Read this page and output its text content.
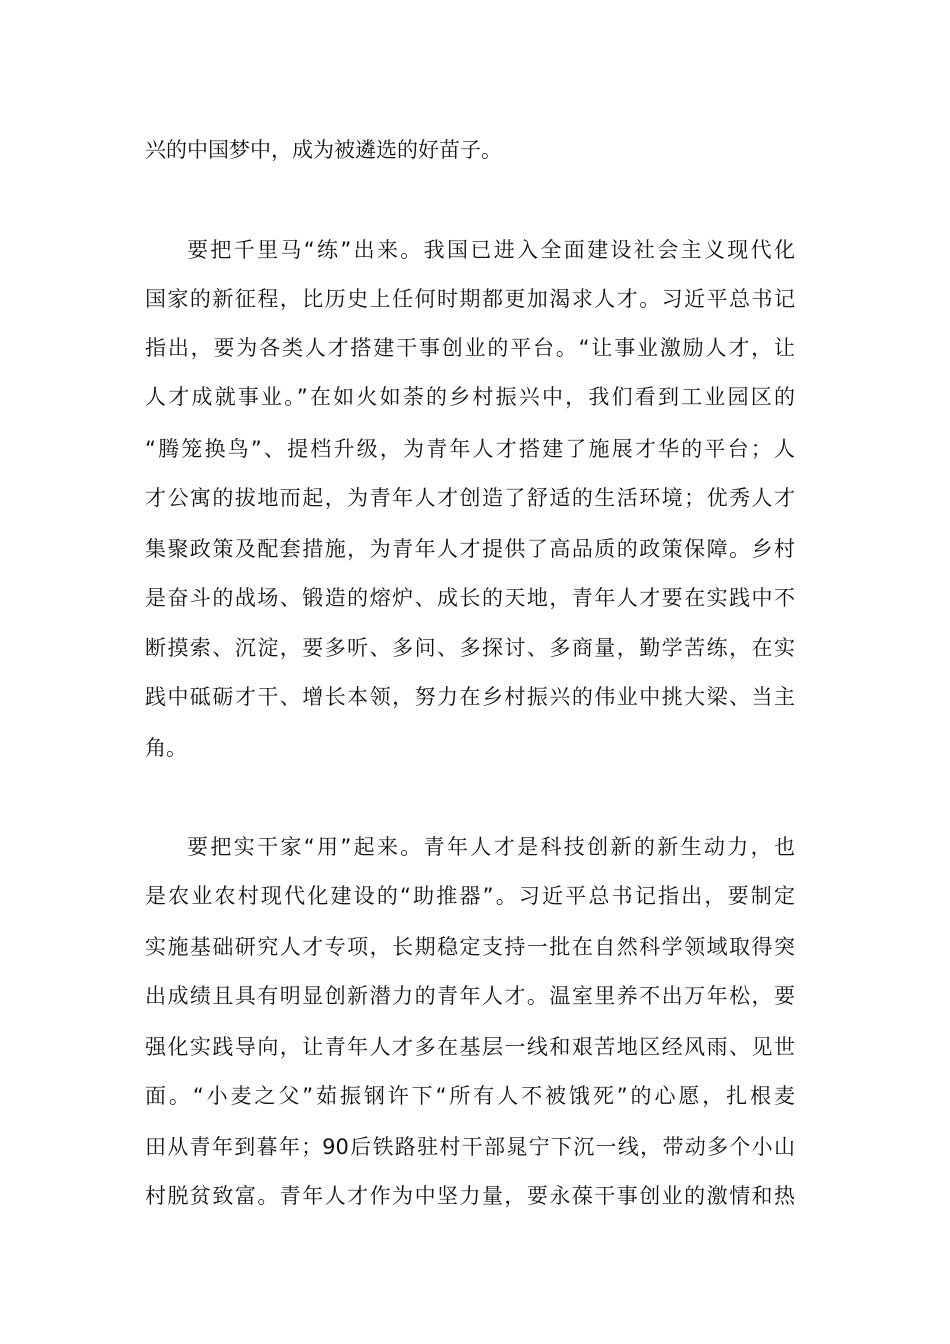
兴的中国梦中，成为被遴选的好苗子。
要把千里马“练”出来。我国已进入全面建设社会主义现代化
国家的新征程，比历史上任何时期都更加渴求人才。习近平总书记
指出，要为各类人才搭建干事创业的平台。“让事业激励人才，让
人才成就事业。”在如火如荼的乡村振兴中，我们看到工业园区的
“腾笼换鸟”、提档升级，为青年人才搭建了施展才华的平台；人
才公寓的拔地而起，为青年人才创造了舒适的生活环境；优秀人才
集聚政策及配套措施，为青年人才提供了高品质的政策保障。乡村
是奋斗的战场、锻造的熔炉、成长的天地，青年人才要在实践中不
断摸索、沉淀，要多听、多问、多探讨、多商量，勤学苦练，在实
践中砥砺才干、增长本领，努力在乡村振兴的伟业中挑大梁、当主
角。
要把实干家“用”起来。青年人才是科技创新的新生动力，也
是农业农村现代化建设的“助推器”。习近平总书记指出，要制定
实施基础研究人才专项，长期稳定支持一批在自然科学领域取得突
出成绩且具有明显创新潜力的青年人才。温室里养不出万年松，要
强化实践导向，让青年人才多在基层一线和艰苦地区经风雨、见世
面。“小麦之父”茹振钢许下“所有人不被饿死”的心愿，扎根麦
田从青年到暮年；90后铁路驻村干部晁宁下沉一线，带动多个小山
村脱贫致富。青年人才作为中坚力量，要永葆干事创业的激情和热
